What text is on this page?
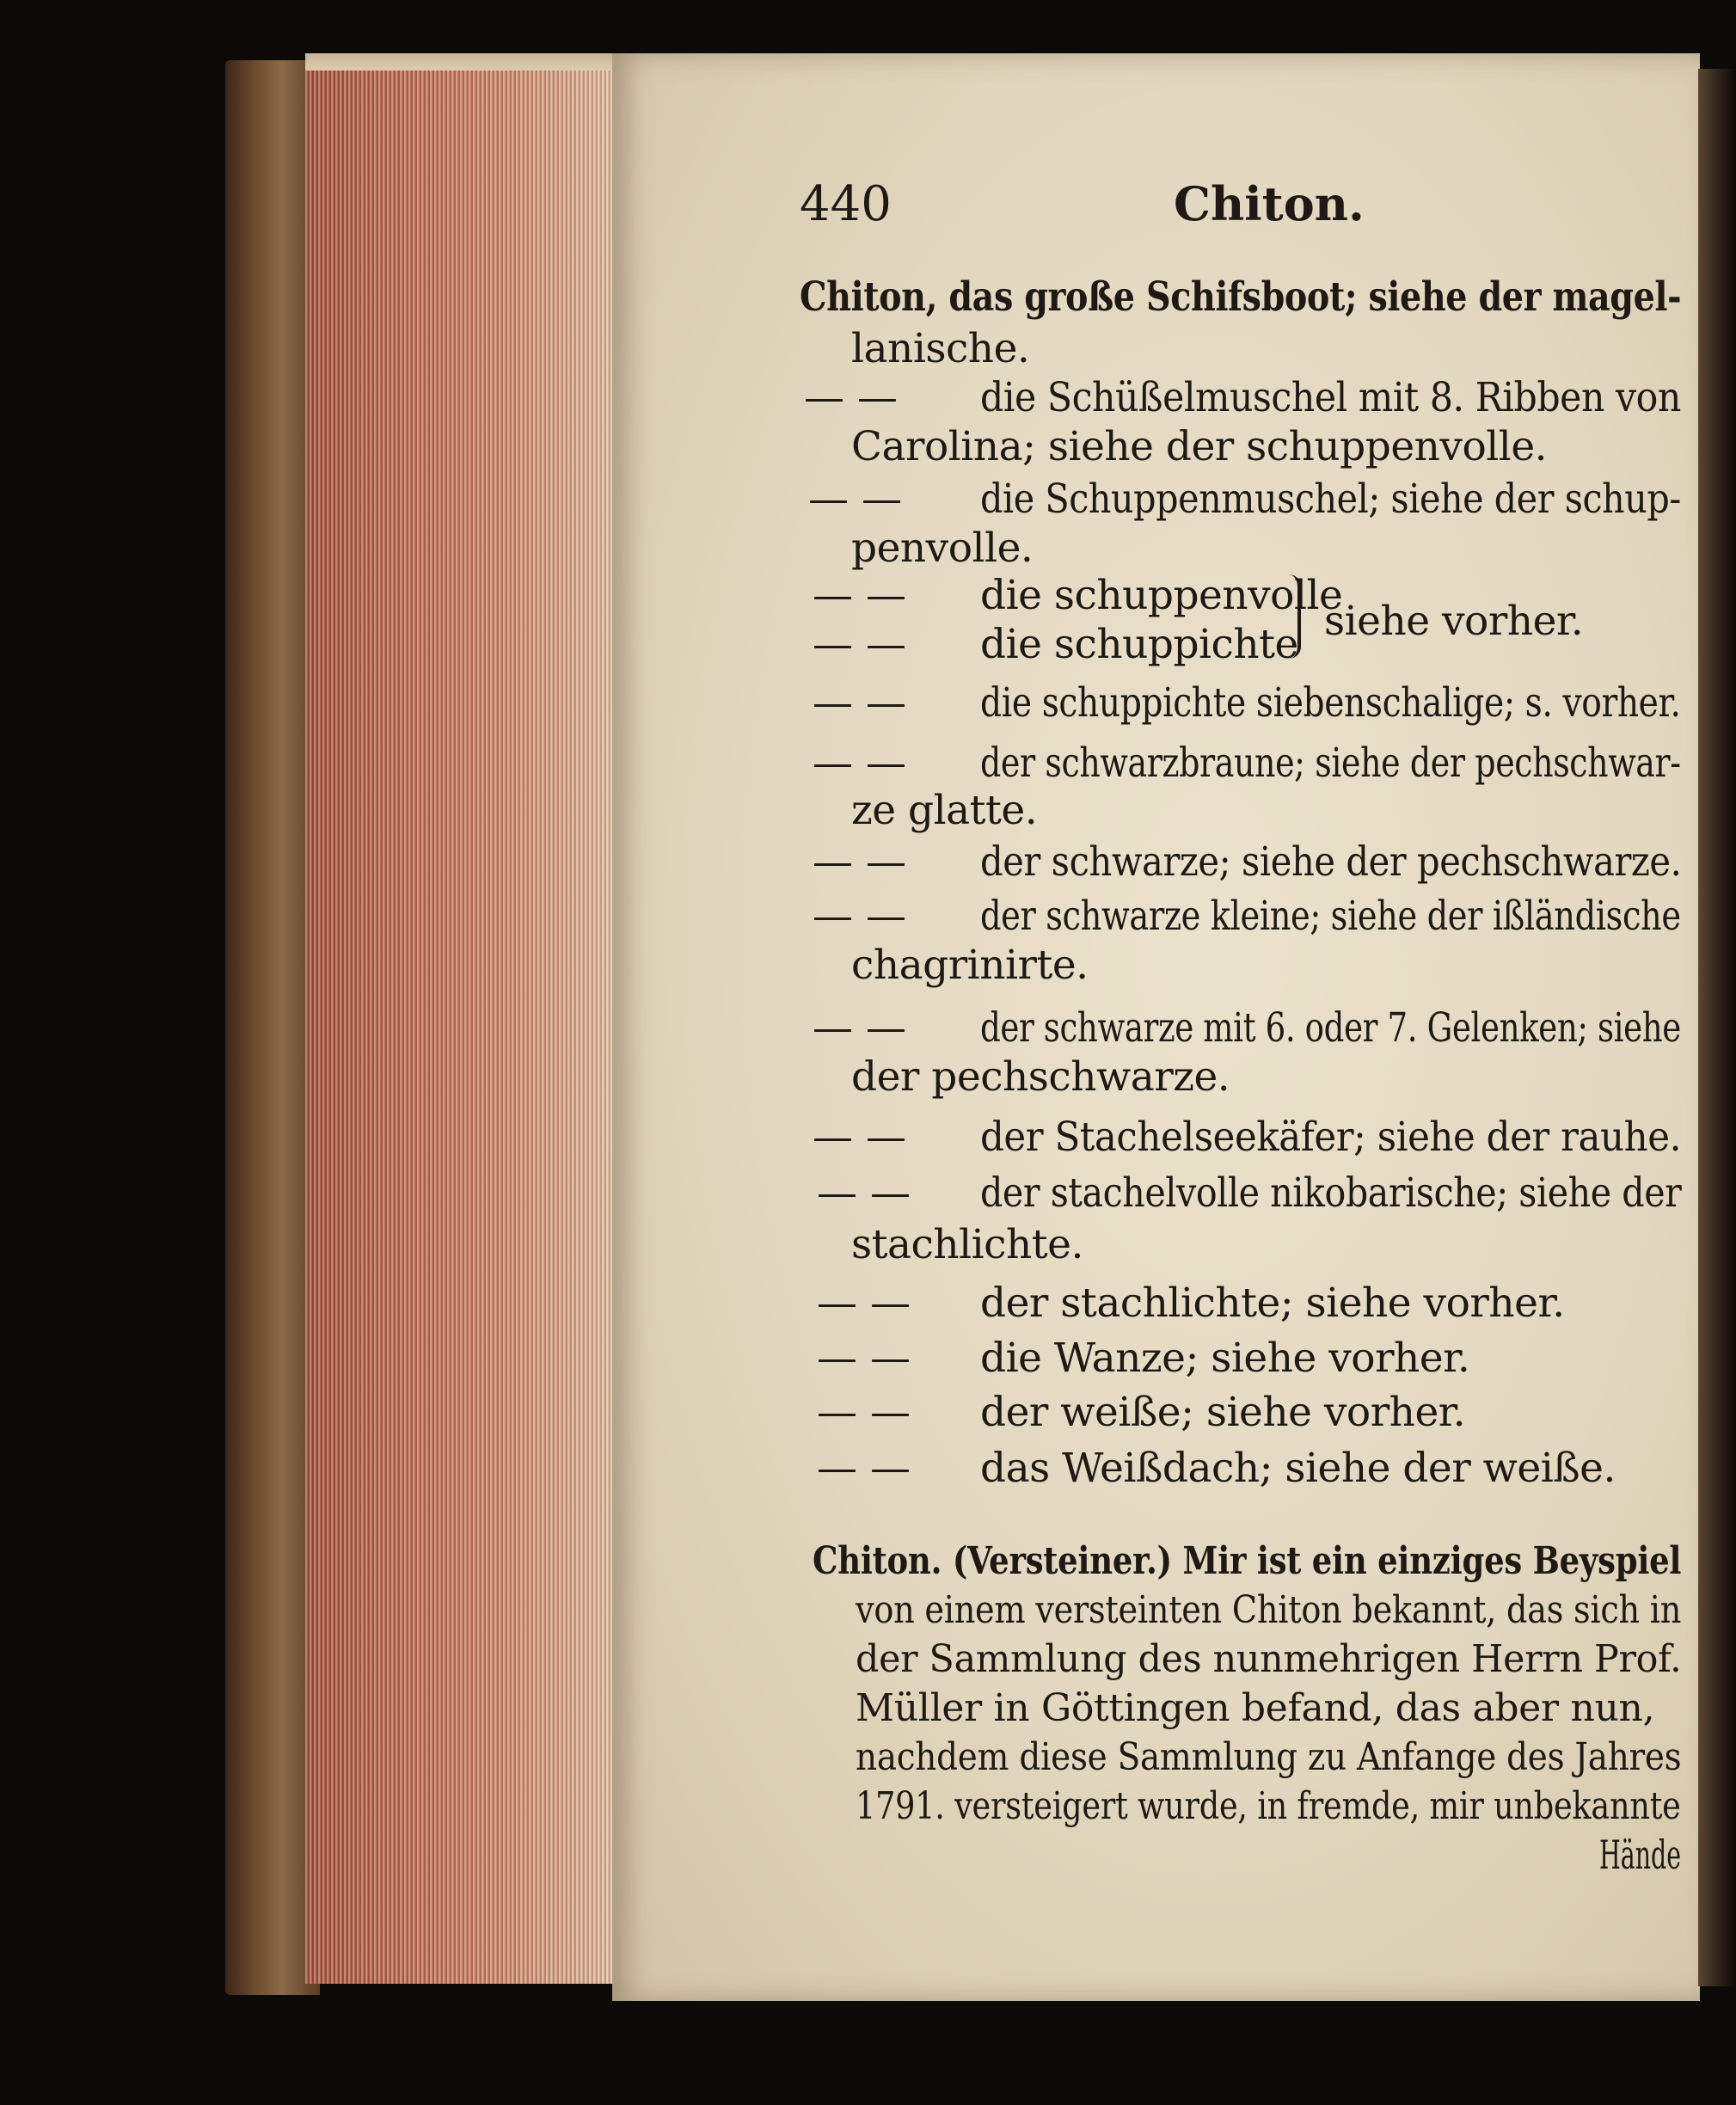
440	Chiton.
Chiton, das große Schifsboot; siehe der magel-
lanische.
— — die Schüßelmuschel mit 8. Ribben von
Carolina; siehe der schuppenvolle.
— — die Schuppenmuschel; siehe der schup-
penvolle.
— — die schuppenvolle
— — die schuppichte siehe vorher.
— — die schuppichte siebenschalige; s. vorher.
— — der schwarzbraune; siehe der pechschwar-
ze glatte.
— — der schwarze; siehe der pechschwarze.
— — der schwarze kleine; siehe der ißländische
chagrinirte.
— — der schwarze mit 6. oder 7. Gelenken; siehe
der pechschwarze.
— — der Stachelseekäfer; siehe der rauhe.
— — der stachelvolle nikobarische; siehe der
stachlichte.
— — der stachlichte; siehe vorher.
— — die Wanze; siehe vorher.
— — der weiße; siehe vorher.
— — das Weißdach; siehe der weiße.
Chiton. (Versteiner.) Mir ist ein einziges Beyspiel
von einem versteinten Chiton bekannt, das sich in
der Sammlung des nunmehrigen Herrn Prof.
Müller in Göttingen befand, das aber nun,
nachdem diese Sammlung zu Anfange des Jahres
1791. versteigert wurde, in fremde, mir unbekannte
Hände
